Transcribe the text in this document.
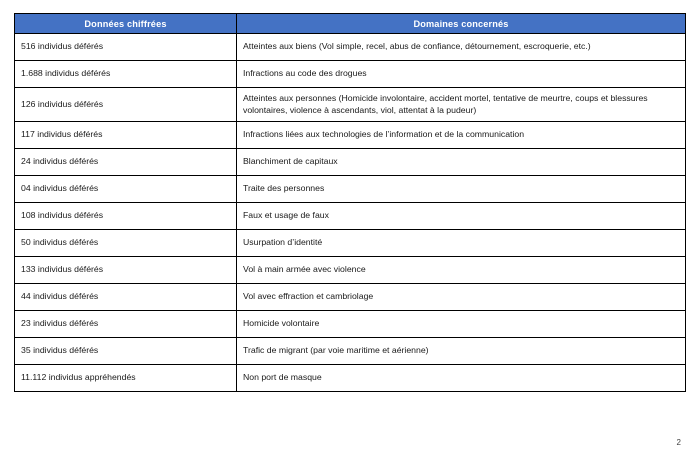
Données chiffrées	Domaines concernés

516 individus déférés	Atteintes aux biens (Vol simple, recel, abus de confiance, détournement, escroquerie, etc.)

1.688 individus déférés	Infractions au code des drogues

126 individus déférés	Atteintes aux personnes (Homicide involontaire, accident mortel, tentative de meurtre, coups et blessures volontaires, violence à ascendants, viol, attentat à la pudeur)

117 individus déférés	Infractions liées aux technologies de l’information et de la communication

24 individus déférés	Blanchiment de capitaux

04 individus déférés	Traite des personnes

108 individus déférés	Faux et usage de faux

50 individus déférés	Usurpation d’identité

133 individus déférés	Vol à main armée avec violence

44 individus déférés	Vol avec effraction et cambriolage

23 individus déférés	Homicide volontaire

35 individus déférés	Trafic de migrant (par voie maritime et aérienne)

11.112 individus appréhendés	Non port de masque
2
